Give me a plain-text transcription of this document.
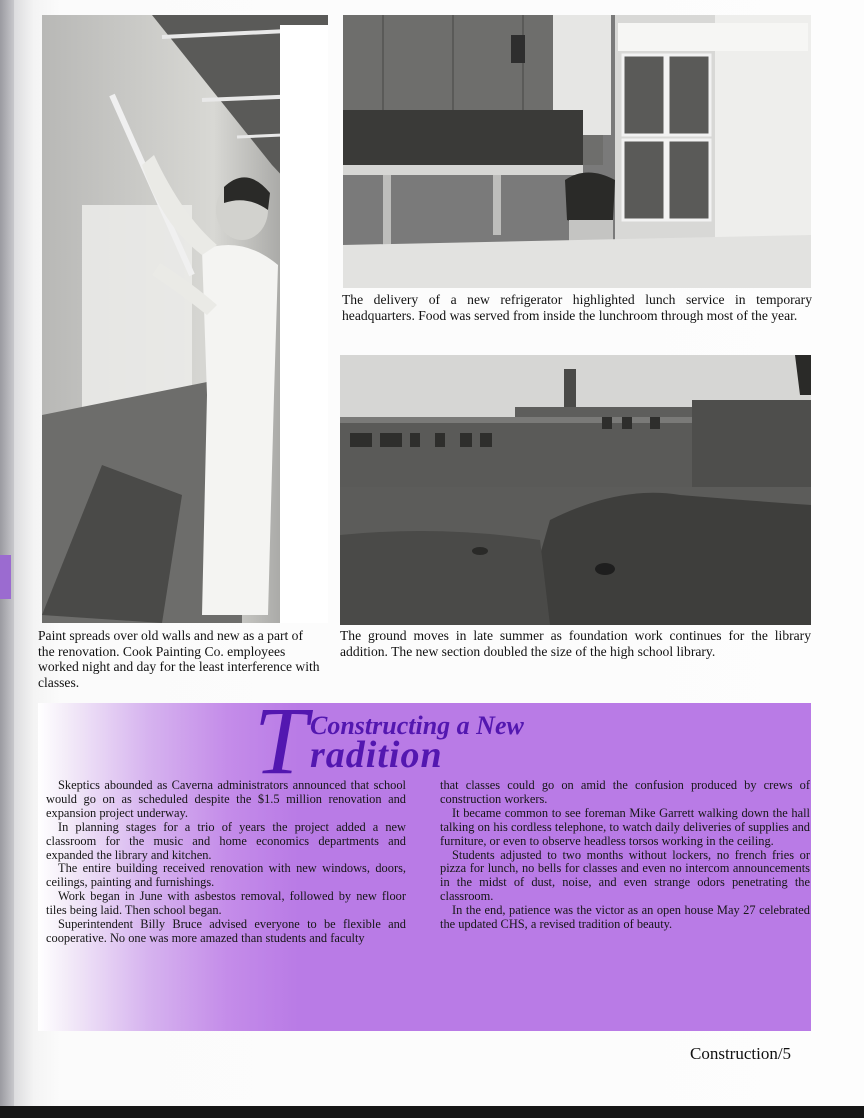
The delivery of a new refrigerator highlighted lunch service in temporary headquarters. Food was served from inside the lunchroom through most of the year.

Paint spreads over old walls and new as a part of the renovation. Cook Painting Co. employees worked night and day for the least interference with classes.

The ground moves in late summer as foundation work continues for the library addition. The new section doubled the size of the high school library.

T Constructing a New
radition

Skeptics abounded as Caverna administrators announced that school would go on as scheduled despite the $1.5 million renovation and expansion project underway.

In planning stages for a trio of years the project added a new classroom for the music and home economics departments and expanded the library and kitchen.

The entire building received renovation with new windows, doors, ceilings, painting and furnishings.

Work began in June with asbestos removal, followed by new floor tiles being laid. Then school began.

Superintendent Billy Bruce advised everyone to be flexible and cooperative. No one was more amazed than students and faculty

that classes could go on amid the confusion produced by crews of construction workers.

It became common to see foreman Mike Garrett walking down the hall talking on his cordless telephone, to watch daily deliveries of supplies and furniture, or even to observe headless torsos working in the ceiling.

Students adjusted to two months without lockers, no french fries or pizza for lunch, no bells for classes and even no intercom announcements in the midst of dust, noise, and even strange odors penetrating the classroom.

In the end, patience was the victor as an open house May 27 celebrated the updated CHS, a revised tradition of beauty.

Construction/5
